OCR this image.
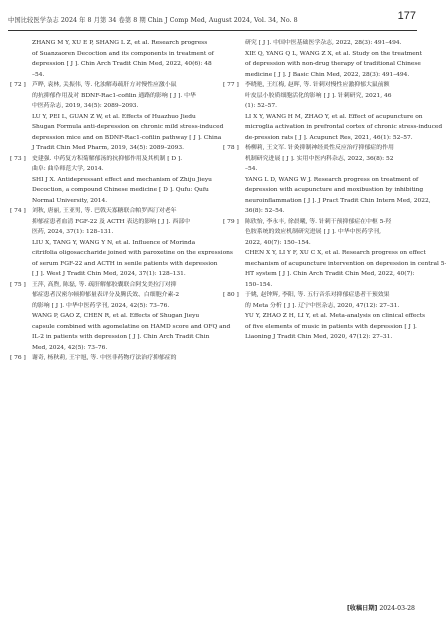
中国比较医学杂志 2024 年 8 月第 34 卷第 8 期 Chin J Comp Med, August 2024, Vol. 34, No. 8	177
ZHANG M Y, XU E P, SHANG L Z, et al. Research progress
of Suanzaoren Decoction and its components in treatment of
depression [ J ]. Chin Arch Tradit Chin Med, 2022, 40(6): 48
–54.
[ 72 ] 芦晔, 袁林, 关振伟, 等. 化浊解毒疏肝方对慢性应激小鼠
的抗抑郁作用及对 BDNF-Rac1-cofilin 通路的影响 [ J ]. 中华
中医药杂志, 2019, 34(5): 2089–2093.
LU Y, PEI L, GUAN Z W, et al. Effects of Huazhuo Jiedu
Shugan Formula anti-depression on chronic mild stress-induced
depression mice and on BDNF-Rac1-cofilin pathway [ J ]. China
J Tradit Chin Med Pharm, 2019, 34(5): 2089–2093.
[ 73 ] 史建强. 中药复方积菊解郁汤的抗抑郁作用及其机制 [ D ].
曲阜: 曲阜师范大学, 2014.
SHI J X. Antidepressant effect and mechanism of Zhiju Jieyu
Decoction, a compound Chinese medicine [ D ]. Qufu: Qufu
Normal University, 2014.
[ 74 ] 刘秋, 唐丽, 王亚男, 等. 巴戟天寡糖联合帕罗西汀对老年
抑郁症患者血清 FGF-22 及 ACTH 表达的影响 [ J ]. 西部中
医药, 2024, 37(1): 128–131.
LIU X, TANG Y, WANG Y N, et al. Influence of Morinda
citrifolia oligosaccharide joined with paroxetine on the expressions
of serum FGF-22 and ACTH in senile patients with depression
[ J ]. West J Tradit Chin Med, 2024, 37(1): 128–131.
[ 75 ] 王萍, 高煦, 陈磊, 等. 疏肝解郁胶囊联合阿戈美拉汀对抑
郁症患者汉密尔顿抑郁量表评分及腾氏效、白细胞介素-2
的影响 [ J ]. 中华中医药学刊, 2024, 42(5): 73–76.
WANG P, GAO Z, CHEN R, et al. Effects of Shugan Jieyu
capsule combined with agomelatine on HAMD score and OFQ and
IL-2 in patients with depression [ J ]. Chin Arch Tradit Chin
Med, 2024, 42(5): 73–76.
[ 76 ] 谢奇, 杨秋莉, 王宇旭, 等. 中医非药物疗法治疗抑郁症的
研究 [ J ]. 中国中医基础医学杂志, 2022, 28(3): 491–494.
XIE Q, YANG Q L, WANG Z X, et al. Study on the treatment
of depression with non-drug therapy of traditional Chinese
medicine [ J ]. J Basic Chin Med, 2022, 28(3): 491–494.
[ 77 ] 李晓艳, 王红梅, 赵晖, 等. 针刺对慢性应激抑郁大鼠前额
叶皮层小胶质细胞活化的影响 [ J ]. 针刺研究, 2021, 46
(1): 52–57.
LI X Y, WANG H M, ZHAO Y, et al. Effect of acupuncture on
microglia activation in prefrontal cortex of chronic stress-induced
de-pression rats [ J ]. Acupunct Res, 2021, 46(1): 52–57.
[ 78 ] 杨柳莉, 王文军. 针灸抑制神经炎性反应治疗抑郁症的作用
机制研究进展 [ J ]. 实用中医内科杂志, 2022, 36(8): 52
–54.
YANG L D, WANG W J. Research progress on treatment of
depression with acupuncture and moxibustion by inhibiting
neuroinflammation [ J ]. J Pract Tradit Chin Intern Med, 2022,
36(8): 52–54.
[ 79 ] 陈欣怡, 李永丰, 徐晨曦, 等. 针刺干预抑郁症在中枢 5-羟
色胺系统的效应机制研究进展 [ J ]. 中华中医药学刊,
2022, 40(7): 150–154.
CHEN X Y, LI Y F, XU C X, et al. Research progress on effect
mechanism of acupuncture intervention on depression in central 5-
HT system [ J ]. Chin Arch Tradit Chin Med, 2022, 40(7):
150–154.
[ 80 ] 于姚, 赵钟辉, 李阳, 等. 五行音乐对抑郁症患者干预效果
的 Meta 分析 [ J ]. 辽宁中医杂志, 2020, 47(12): 27–31.
YU Y, ZHAO Z H, LI Y, et al. Meta-analysis on clinical effects
of five elements of music in patients with depression [ J ].
Liaoning J Tradit Chin Med, 2020, 47(12): 27–31.
[收稿日期] 2024-03-28
